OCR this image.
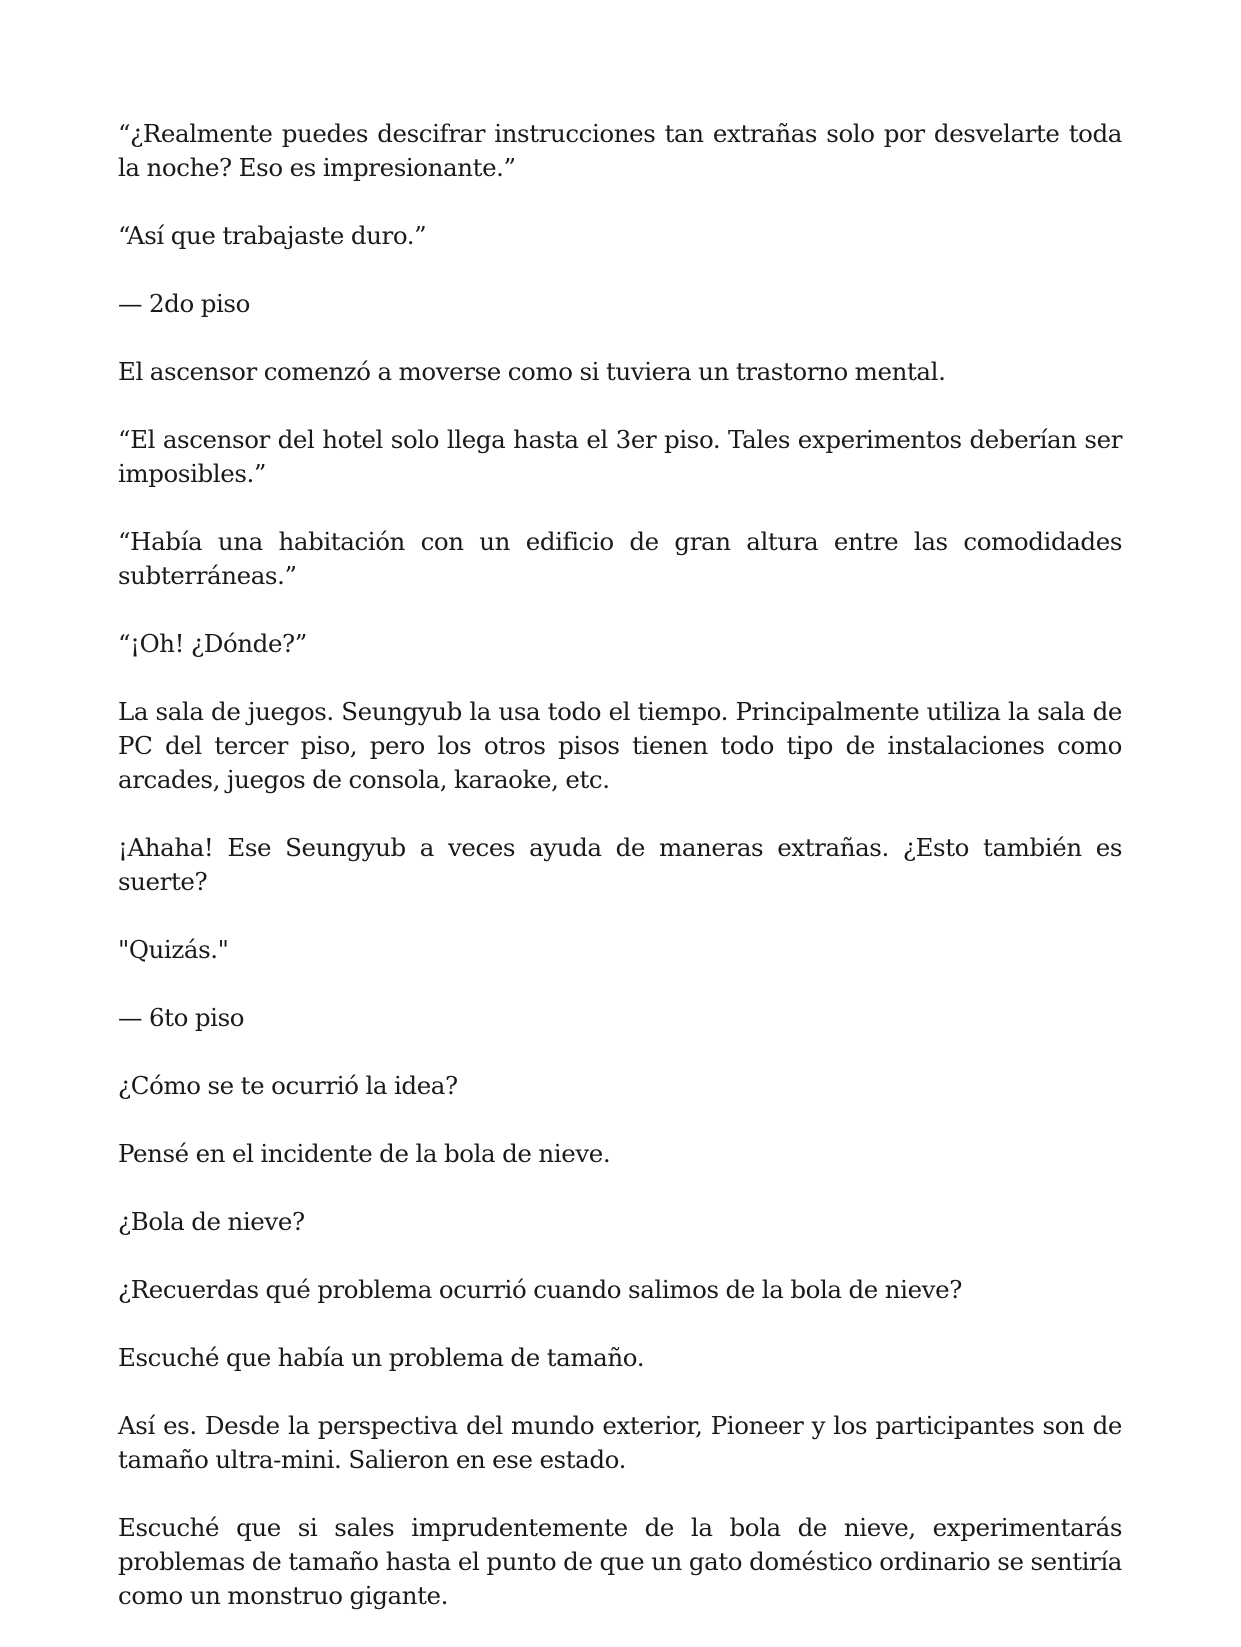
“¿Realmente puedes descifrar instrucciones tan extrañas solo por desvelarte toda la noche? Eso es impresionante.”

“Así que trabajaste duro.”

— 2do piso

El ascensor comenzó a moverse como si tuviera un trastorno mental.

“El ascensor del hotel solo llega hasta el 3er piso. Tales experimentos deberían ser imposibles.”

“Había una habitación con un edificio de gran altura entre las comodidades subterráneas.”

“¡Oh! ¿Dónde?”

La sala de juegos. Seungyub la usa todo el tiempo. Principalmente utiliza la sala de PC del tercer piso, pero los otros pisos tienen todo tipo de instalaciones como arcades, juegos de consola, karaoke, etc.

¡Ahaha! Ese Seungyub a veces ayuda de maneras extrañas. ¿Esto también es suerte?

"Quizás."

— 6to piso

¿Cómo se te ocurrió la idea?

Pensé en el incidente de la bola de nieve.

¿Bola de nieve?

¿Recuerdas qué problema ocurrió cuando salimos de la bola de nieve?

Escuché que había un problema de tamaño.

Así es. Desde la perspectiva del mundo exterior, Pioneer y los participantes son de tamaño ultra-mini. Salieron en ese estado.

Escuché que si sales imprudentemente de la bola de nieve, experimentarás problemas de tamaño hasta el punto de que un gato doméstico ordinario se sentiría como un monstruo gigante.
